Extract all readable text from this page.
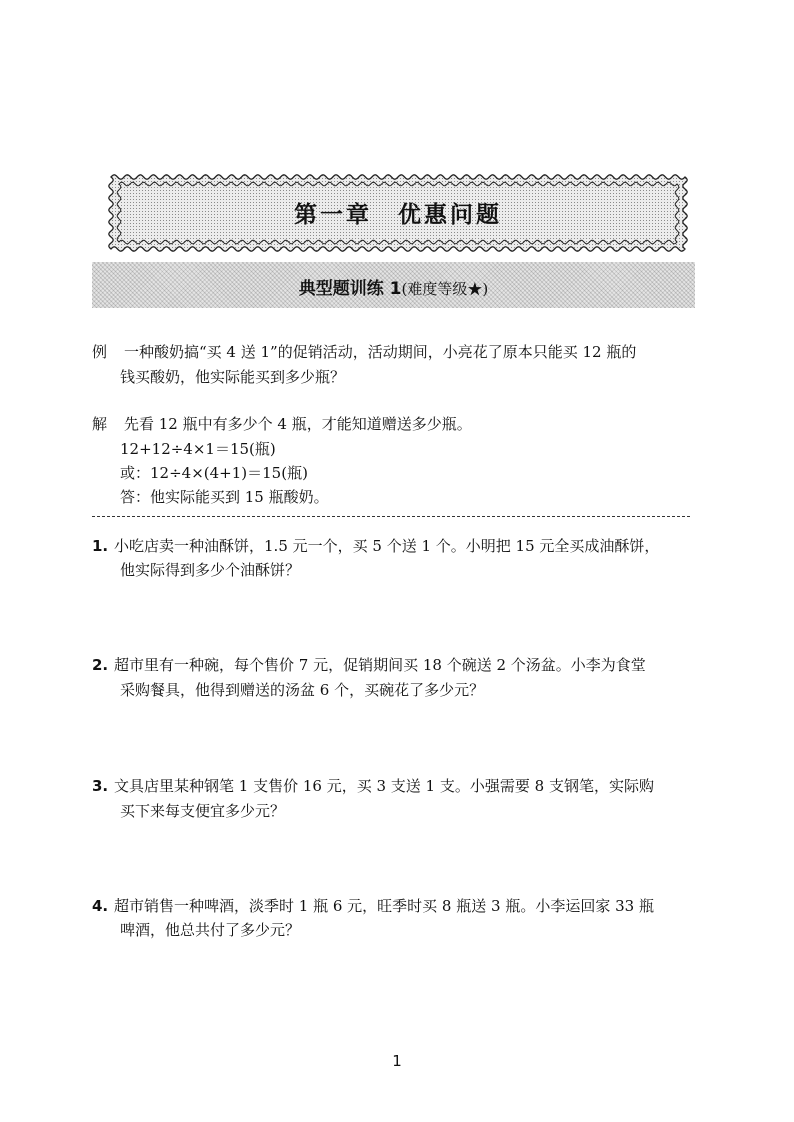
第一章　优惠问题
典型题训练 1(难度等级★)
例 一种酸奶搞“买 4 送 1”的促销活动，活动期间，小亮花了原本只能买 12 瓶的
钱买酸奶，他实际能买到多少瓶？
解 先看 12 瓶中有多少个 4 瓶，才能知道赠送多少瓶。
12+12÷4×1＝15(瓶)
或：12÷4×(4+1)＝15(瓶)
答：他实际能买到 15 瓶酸奶。
1. 小吃店卖一种油酥饼，1.5 元一个，买 5 个送 1 个。小明把 15 元全买成油酥饼，
他实际得到多少个油酥饼？
2. 超市里有一种碗，每个售价 7 元，促销期间买 18 个碗送 2 个汤盆。小李为食堂
采购餐具，他得到赠送的汤盆 6 个，买碗花了多少元？
3. 文具店里某种钢笔 1 支售价 16 元，买 3 支送 1 支。小强需要 8 支钢笔，实际购
买下来每支便宜多少元？
4. 超市销售一种啤酒，淡季时 1 瓶 6 元，旺季时买 8 瓶送 3 瓶。小李运回家 33 瓶
啤酒，他总共付了多少元？
1
